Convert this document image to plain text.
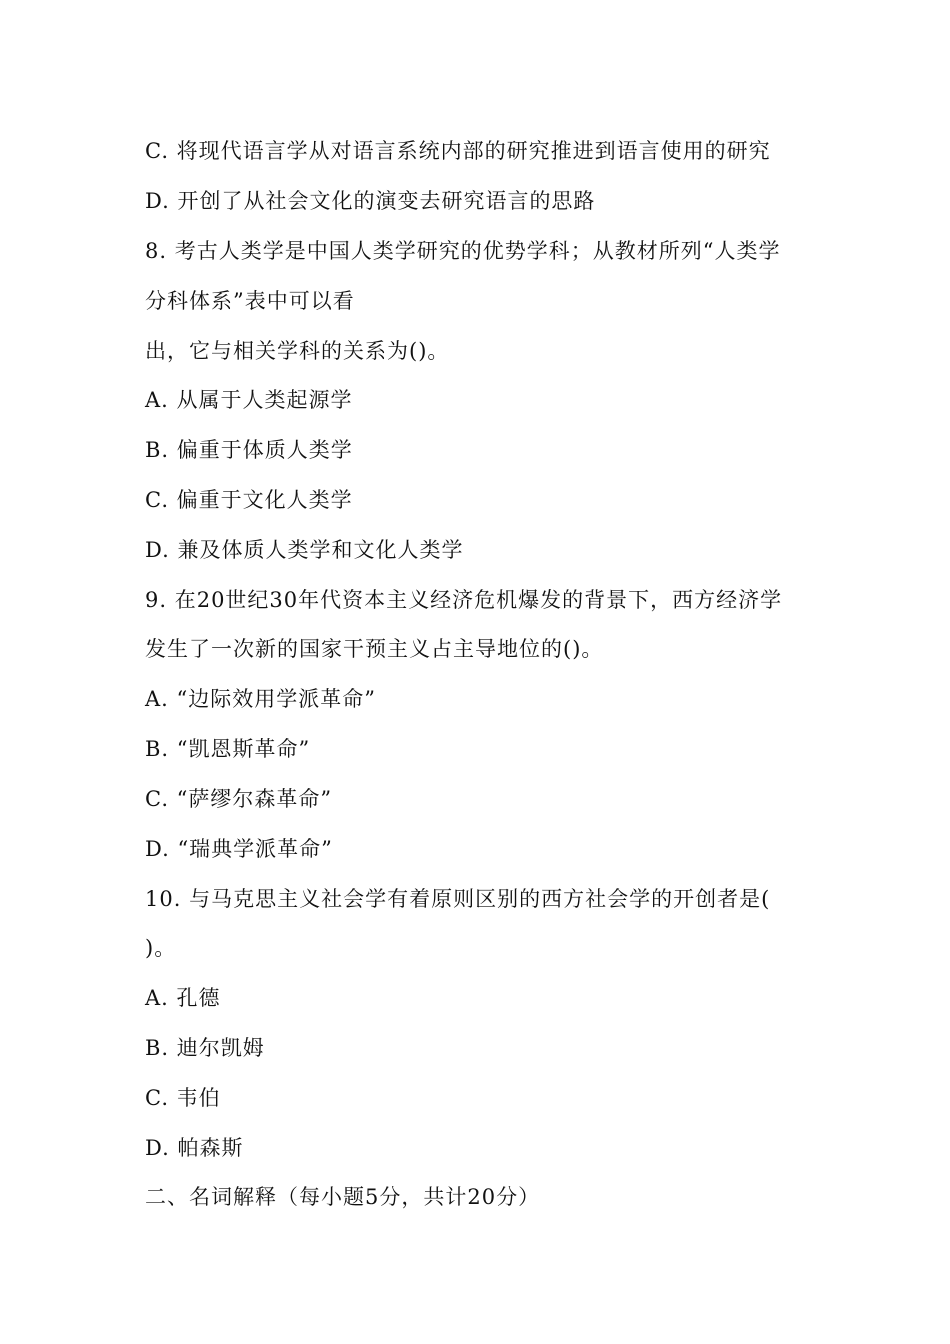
C. 将现代语言学从对语言系统内部的研究推进到语言使用的研究
D. 开创了从社会文化的演变去研究语言的思路
8. 考古人类学是中国人类学研究的优势学科；从教材所列“人类学
分科体系”表中可以看
出，它与相关学科的关系为()。
A. 从属于人类起源学
B. 偏重于体质人类学
C. 偏重于文化人类学
D. 兼及体质人类学和文化人类学
9. 在20世纪30年代资本主义经济危机爆发的背景下，西方经济学
发生了一次新的国家干预主义占主导地位的()。
A. “边际效用学派革命”
B. “凯恩斯革命”
C. “萨缪尔森革命”
D. “瑞典学派革命”
10. 与马克思主义社会学有着原则区别的西方社会学的开创者是(
)。
A. 孔德
B. 迪尔凯姆
C. 韦伯
D. 帕森斯
二、名词解释（每小题5分，共计20分）
